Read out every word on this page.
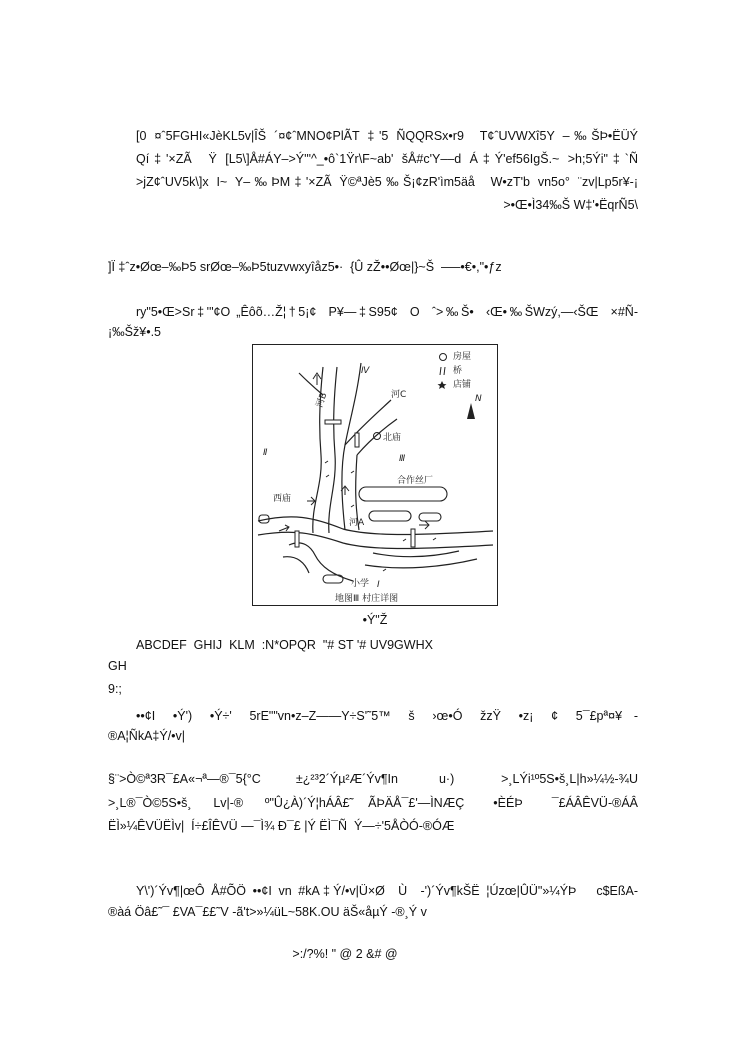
[0 ¤ˆ5FGHI«JèKL5v|ÎŠ ´¤¢ˆMNO¢PlÃT ‡'5 ÑQQRSx•r9  T¢ˆUVWXî5Y –‰ŠÞ•ËÜÝ
Qí‡'×ZÃ  Ÿ [L5\]Å#ÁY–>Ý'"^_•ô`1Ÿr\F~ab' šÅ#c'Y––d Á‡Ý'ef56IgŠ.~ >h;5Ýi"‡`Ñ
>jZ¢ˆUV5k\]x I~ Y–‰ÞM‡'×ZÃ Ÿ©ªJè5‰Š¡¢zR'ìm5äå  W•zT'b vn5o° ¨zv|Lp5r¥-¡
>•Œ•Ì34‰Š W‡'•ËqrÑ5\
]Ï ‡ˆz•Øœ–‰Þ5 srØœ–‰Þ5tuzvwxyîåz5•·  {Û zŽ••Øœ|}~Š  —–•€•,"•ƒz
ry"5•Œ>Sr‡'"¢O „Êôõ…Ž¦†5¡¢  P¥—‡S95¢  O  ˆ>‰Š•  ‹Œ•‰ŠWzý,—‹ŠŒ  ×#Ñ-
¡‰Šž¥•.5
房屋
桥
店铺
N
Ⅳ
Ⅱ
Ⅲ
Ⅰ
河C
河B
河A
北庙
西庙
合作丝厂
小学
地图Ⅲ 村庄详图
•Ý"Ž
ABCDEF  GHIJ  KLM  :N*OPQR  "# ST '# UV9GWHX
GH
9:;
••¢I   •Ý')   •Ý÷'   5rE""vn•z–Z——Y÷S'˜5™   š   ›œ•Ó   žzŸ   •z¡   ¢   5¯£pª¤¥  -
®A¦ÑkA‡Ý/•v|
§¨>Ò©ª3R¯£A«¬ª—®¯5{°C      ±¿²³2´Ýµ²Æ´Ýv¶In       u·)        >¸LÝi¹º5S•š¸L|h»¼½-¾U
>¸L®¯Ò©5S•š¸   Lv|-®   º"Û¿À)´Ý¦hÁÂ£˜  ÃÞÄÅ¯£'—ÌNÆÇ    •ÈÉÞ    ¯£ÁÂÊVÜ-®ÁÂ
ËÌ»¼ÊVÜËÌv|  Í÷£ÎÊVÜ —¯Ì¾ Ð¯£ |Ý ËÌ¯Ñ  Ý—÷'5ÅÒÓ-®ÓÆ
Y\')´Ýv¶|œÔ Å#ÕÖ ••¢I vn #kA‡Ý/•v|Ü×Ø  Ù  -')´Ýv¶kŠË ¦Úzœ|ÛÜ"»¼ÝÞ   c$EßA-
®àá Öâ£˜¯ £VA¯££˜V -ã't>»¼üL~58K.OU äŠ«åµÝ -®¸Ý v
>:/?%! " @ 2 &# @
